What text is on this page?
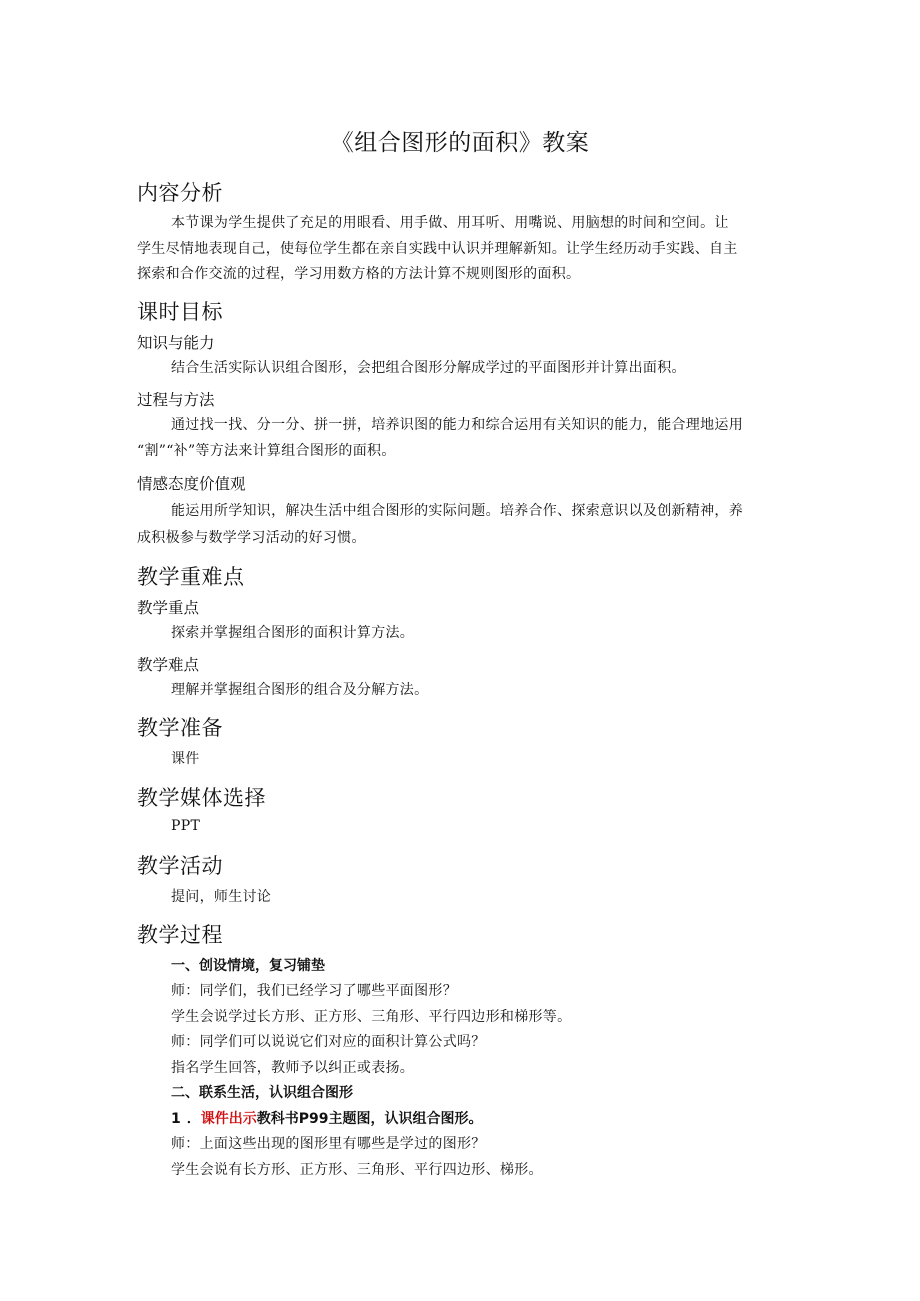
《组合图形的面积》教案
内容分析
本节课为学生提供了充足的用眼看、用手做、用耳听、用嘴说、用脑想的时间和空间。让
学生尽情地表现自己，使每位学生都在亲自实践中认识并理解新知。让学生经历动手实践、自主
探索和合作交流的过程，学习用数方格的方法计算不规则图形的面积。
课时目标
知识与能力
结合生活实际认识组合图形，会把组合图形分解成学过的平面图形并计算出面积。
过程与方法
通过找一找、分一分、拼一拼，培养识图的能力和综合运用有关知识的能力，能合理地运用
“割”“补”等方法来计算组合图形的面积。
情感态度价值观
能运用所学知识，解决生活中组合图形的实际问题。培养合作、探索意识以及创新精神，养
成积极参与数学学习活动的好习惯。
教学重难点
教学重点
探索并掌握组合图形的面积计算方法。
教学难点
理解并掌握组合图形的组合及分解方法。
教学准备
课件
教学媒体选择
PPT
教学活动
提问，师生讨论
教学过程
一、创设情境，复习铺垫
师：同学们，我们已经学习了哪些平面图形？
学生会说学过长方形、正方形、三角形、平行四边形和梯形等。
师：同学们可以说说它们对应的面积计算公式吗？
指名学生回答，教师予以纠正或表扬。
二、联系生活，认识组合图形
1 ．课件出示教科书P99主题图，认识组合图形。
师：上面这些出现的图形里有哪些是学过的图形？
学生会说有长方形、正方形、三角形、平行四边形、梯形。
